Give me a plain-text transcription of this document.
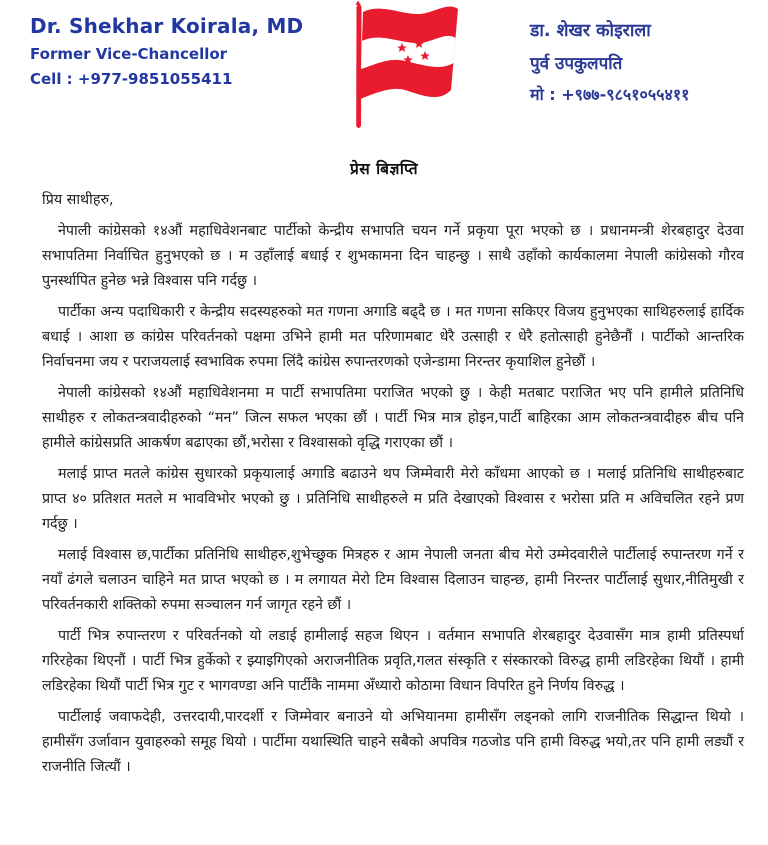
Dr. Shekhar Koirala, MD
Former Vice-Chancellor
Cell : +977-9851055411
डा. शेखर कोइराला
पुर्व उपकुलपति
मो : +९७७-९८५१०५५४११
प्रेस बिज्ञप्ति
प्रिय साथीहरु,

नेपाली कांग्रेसको १४औं महाधिवेशनबाट पार्टीको केन्द्रीय सभापति चयन गर्ने प्रकृया पूरा भएको छ । प्रधानमन्त्री शेरबहादुर देउवा सभापतिमा निर्वाचित हुनुभएको छ । म उहाँलाई बधाई र शुभकामना दिन चाहन्छु । साथै उहाँको कार्यकालमा नेपाली कांग्रेसको गौरव पुनर्स्थापित हुनेछ भन्ने विश्वास पनि गर्दछु ।

पार्टीका अन्य पदाधिकारी र केन्द्रीय सदस्यहरुको मत गणना अगाडि बढ्दै छ । मत गणना सकिएर विजय हुनुभएका साथिहरुलाई हार्दिक बधाई । आशा छ कांग्रेस परिवर्तनको पक्षमा उभिने हामी मत परिणामबाट धेरै उत्साही र धेरै हतोत्साही हुनेछैनौं । पार्टीको आन्तरिक निर्वाचनमा जय र पराजयलाई स्वभाविक रुपमा लिंदै कांग्रेस रुपान्तरणको एजेन्डामा निरन्तर कृयाशिल हुनेछौं ।

नेपाली कांग्रेसको १४औं महाधिवेशनमा म पार्टी सभापतिमा पराजित भएको छु । केही मतबाट पराजित भए पनि हामीले प्रतिनिधि साथीहरु र लोकतन्त्रवादीहरुको “मन” जित्न सफल भएका छौं । पार्टी भित्र मात्र होइन,पार्टी बाहिरका आम लोकतन्त्रवादीहरु बीच पनि हामीले कांग्रेसप्रति आकर्षण बढाएका छौं,भरोसा र विश्वासको वृद्धि गराएका छौं ।

मलाई प्राप्त मतले कांग्रेस सुधारको प्रकृयालाई अगाडि बढाउने थप जिम्मेवारी मेरो काँधमा आएको छ । मलाई प्रतिनिधि साथीहरुबाट प्राप्त ४० प्रतिशत मतले म भावविभोर भएको छु । प्रतिनिधि साथीहरुले म प्रति देखाएको विश्वास र भरोसा प्रति म अविचलित रहने प्रण गर्दछु ।

मलाई विश्वास छ,पार्टीका प्रतिनिधि साथीहरु,शुभेच्छुक मित्रहरु र आम नेपाली जनता बीच मेरो उम्मेदवारीले पार्टीलाई रुपान्तरण गर्ने र नयाँ ढंगले चलाउन चाहिने मत प्राप्त भएको छ । म लगायत मेरो टिम विश्वास दिलाउन चाहन्छ, हामी निरन्तर पार्टीलाई सुधार,नीतिमुखी र परिवर्तनकारी शक्तिको रुपमा सञ्चालन गर्न जागृत रहने छौं ।

पार्टी भित्र रुपान्तरण र परिवर्तनको यो लडाई हामीलाई सहज थिएन । वर्तमान सभापति शेरबहादुर देउवासँग मात्र हामी प्रतिस्पर्धा गरिरहेका थिएनौं । पार्टी भित्र हुर्केको र झ्याइगिएको अराजनीतिक प्रवृति,गलत संस्कृति र संस्कारको विरुद्ध हामी लडिरहेका थियौं । हामी लडिरहेका थियौं पार्टी भित्र गुट र भागवण्डा अनि पार्टीकै नाममा अँध्यारो कोठामा विधान विपरित हुने निर्णय विरुद्ध ।

पार्टीलाई जवाफदेही, उत्तरदायी,पारदर्शी र जिम्मेवार बनाउने यो अभियानमा हामीसँग लड्नको लागि राजनीतिक सिद्धान्त थियो । हामीसँग उर्जावान युवाहरुको समूह थियो । पार्टीमा यथास्थिति चाहने सबैको अपवित्र गठजोड पनि हामी विरुद्ध भयो,तर पनि हामी लड्यौं र राजनीति जित्यौं ।
